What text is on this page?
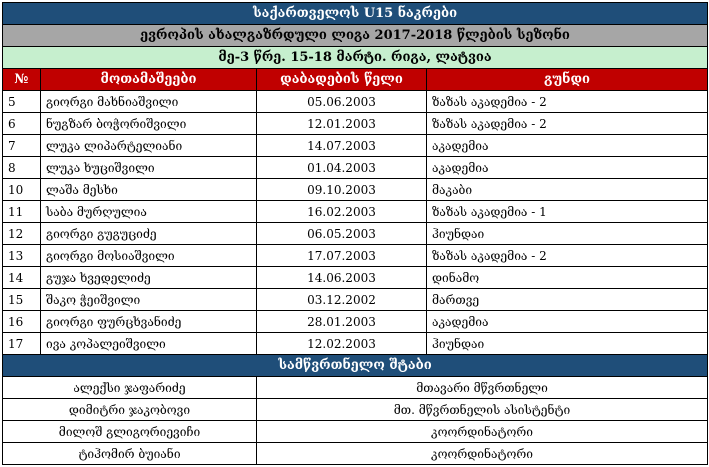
საქართველოს U15 ნაკრები			
ევროპის ახალგაზრდული ლიგა 2017-2018 წლების სეზონი			
მე-3 წრე. 15-18 მარტი. რიგა, ლატვია			
№	მოთამაშეები	დაბადების წელი	გუნდი
5	გიორგი მახნიაშვილი	05.06.2003	ზაზას აკადემია - 2
6	ნუგზარ ბოჭორიშვილი	12.01.2003	ზაზას აკადემია - 2
7	ლუკა ლიპარტელიანი	14.07.2003	აკადემია
8	ლუკა ხუციშვილი	01.04.2003	აკადემია
10	ლაშა მესხი	09.10.2003	მაკაბი
11	საბა მურღულია	16.02.2003	ზაზას აკადემია - 1
12	გიორგი გუგუციძე	06.05.2003	ჰიუნდაი
13	გიორგი მოსიაშვილი	17.07.2003	ზაზას აკადემია - 2
14	გუჯა ხვედელიძე	14.06.2003	დინამო
15	შაკო ჭეიშვილი	03.12.2002	მართვე
16	გიორგი ფურცხვანიძე	28.01.2003	აკადემია
17	ივა კოპალეიშვილი	12.02.2003	ჰიუნდაი
სამწვრთნელო შტაბი			
ალექსი ჯაფარიძე		მთავარი მწვრთნელი	
დიმიტრი ჯაკობოვი		მთ. მწვრთნელის ასისტენტი	
მილოშ გლიგორიევიჩი		კოორდინატორი	
ტიჰომირ ბუიანი		კოორდინატორი	
